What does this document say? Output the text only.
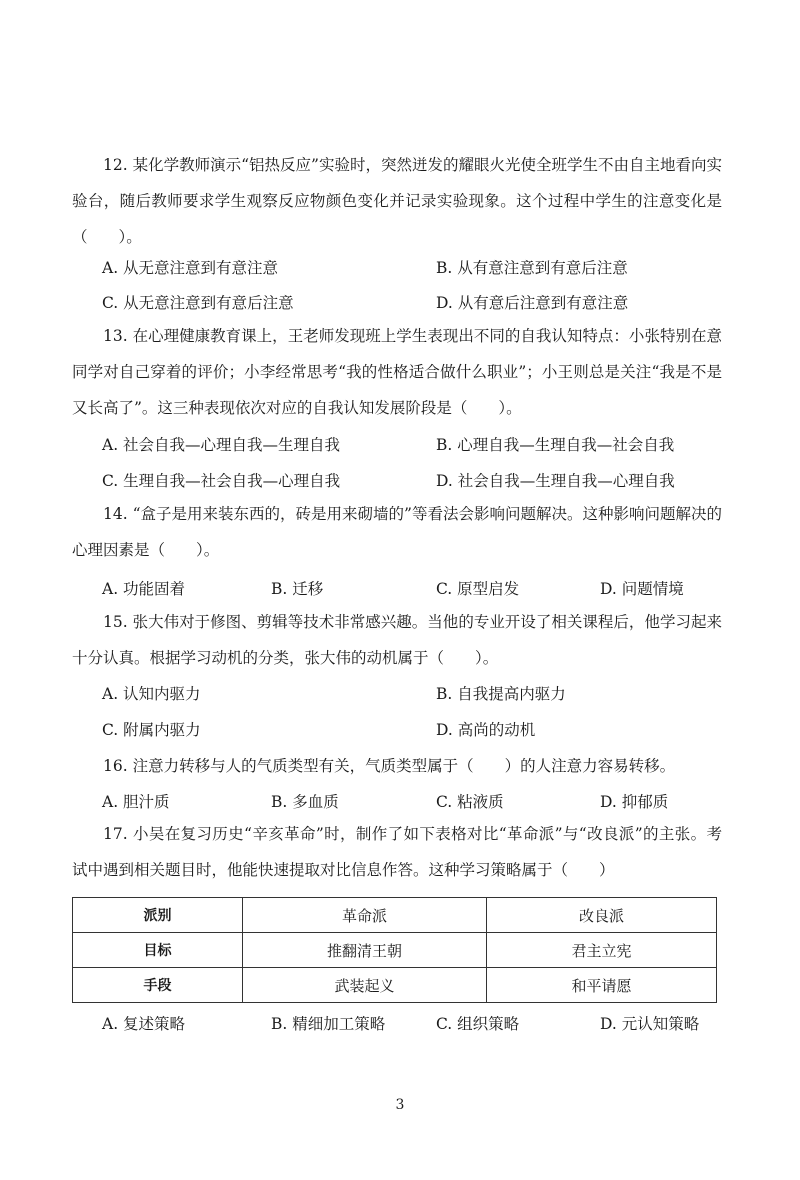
12. 某化学教师演示“铝热反应”实验时，突然迸发的耀眼火光使全班学生不由自主地看向实验台，随后教师要求学生观察反应物颜色变化并记录实验现象。这个过程中学生的注意变化是（　　）。

A. 从无意注意到有意注意	B. 从有意注意到有意后注意
C. 从无意注意到有意后注意	D. 从有意后注意到有意注意

13. 在心理健康教育课上，王老师发现班上学生表现出不同的自我认知特点：小张特别在意同学对自己穿着的评价；小李经常思考“我的性格适合做什么职业”；小王则总是关注“我是不是又长高了”。这三种表现依次对应的自我认知发展阶段是（　　）。

A. 社会自我—心理自我—生理自我	B. 心理自我—生理自我—社会自我
C. 生理自我—社会自我—心理自我	D. 社会自我—生理自我—心理自我

14. “盒子是用来装东西的，砖是用来砌墙的”等看法会影响问题解决。这种影响问题解决的心理因素是（　　）。

A. 功能固着	B. 迁移	C. 原型启发	D. 问题情境

15. 张大伟对于修图、剪辑等技术非常感兴趣。当他的专业开设了相关课程后，他学习起来十分认真。根据学习动机的分类，张大伟的动机属于（　　）。

A. 认知内驱力	B. 自我提高内驱力
C. 附属内驱力	D. 高尚的动机

16. 注意力转移与人的气质类型有关，气质类型属于（　　）的人注意力容易转移。

A. 胆汁质	B. 多血质	C. 粘液质	D. 抑郁质

17. 小吴在复习历史“辛亥革命”时，制作了如下表格对比“革命派”与“改良派”的主张。考试中遇到相关题目时，他能快速提取对比信息作答。这种学习策略属于（　　）

派别	革命派	改良派
目标	推翻清王朝	君主立宪
手段	武装起义	和平请愿
A. 复述策略	B. 精细加工策略	C. 组织策略	D. 元认知策略
3
